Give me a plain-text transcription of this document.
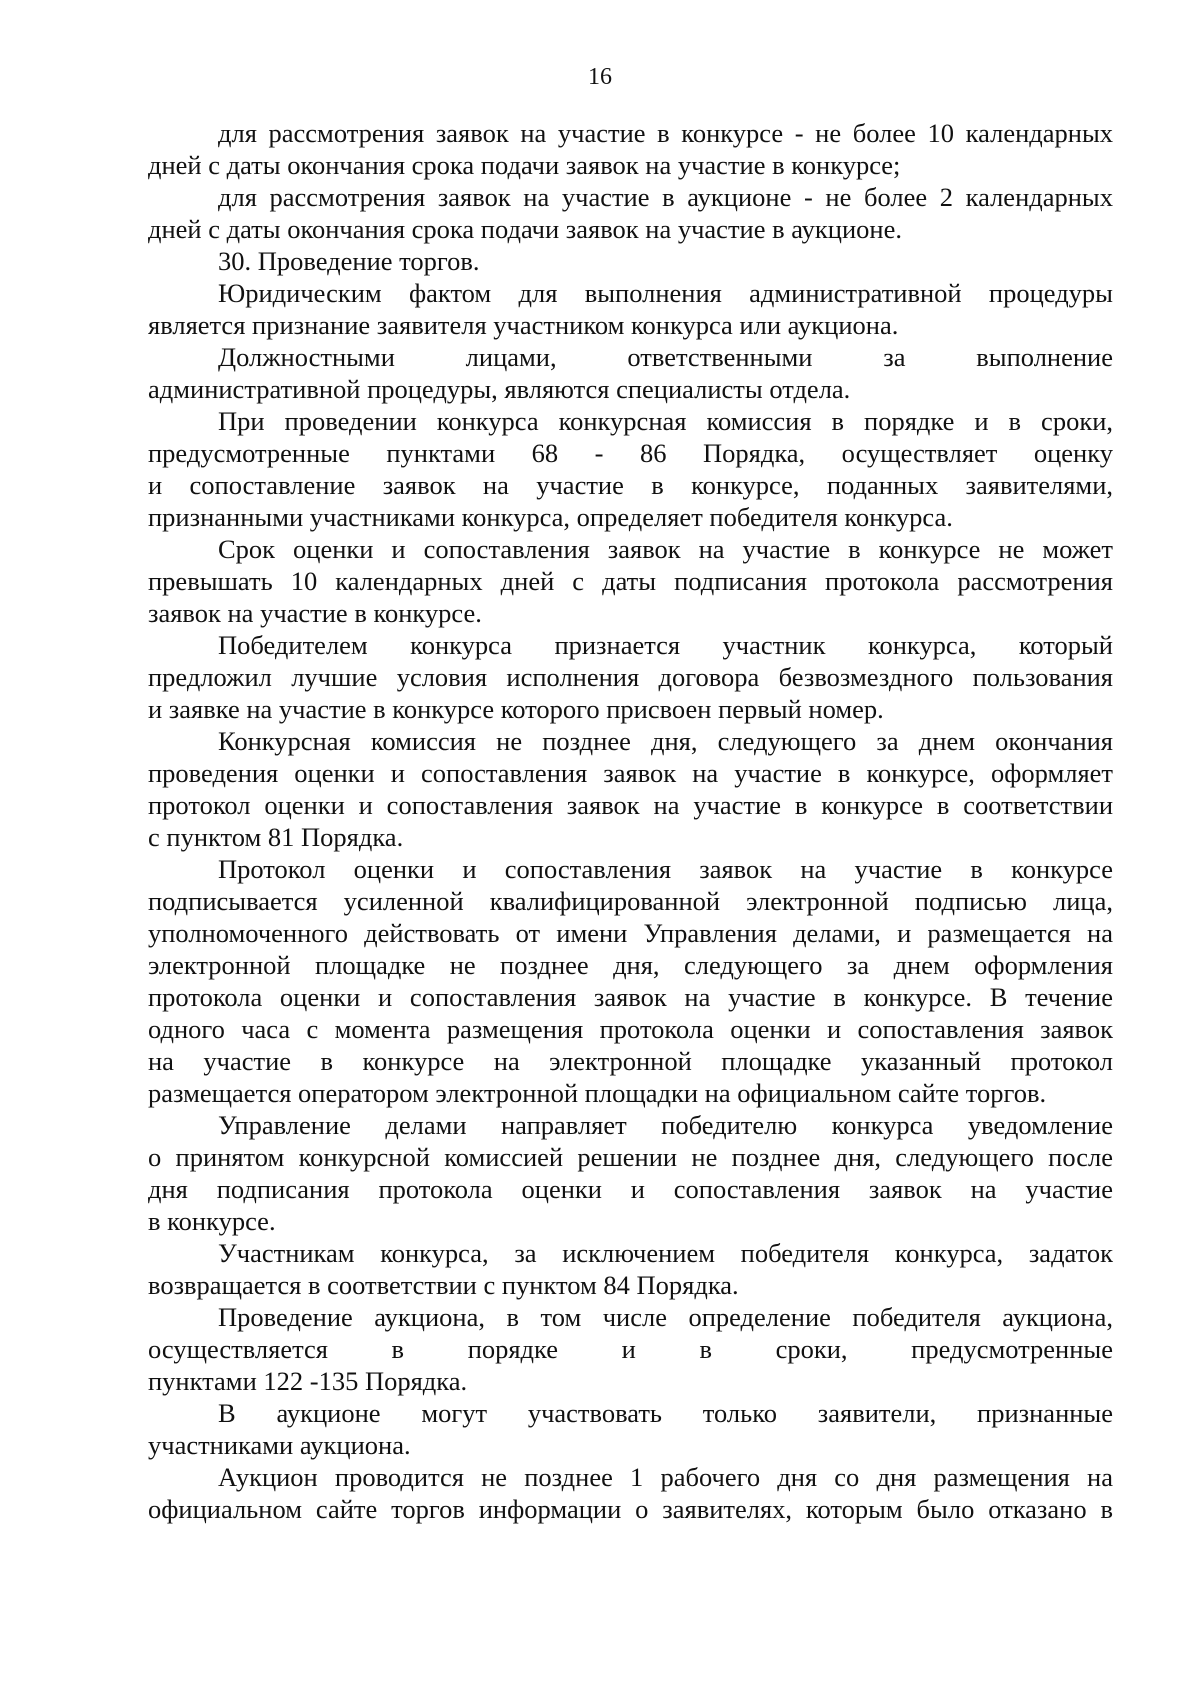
16
для рассмотрения заявок на участие в конкурсе - не более 10 календарных
дней с даты окончания срока подачи заявок на участие в конкурсе;
для рассмотрения заявок на участие в аукционе - не более 2 календарных
дней с даты окончания срока подачи заявок на участие в аукционе.
30. Проведение торгов.
Юридическим фактом для выполнения административной процедуры
является признание заявителя участником конкурса или аукциона.
Должностными лицами, ответственными за выполнение
административной процедуры, являются специалисты отдела.
При проведении конкурса конкурсная комиссия в порядке и в сроки,
предусмотренные пунктами 68 - 86 Порядка, осуществляет оценку
и сопоставление заявок на участие в конкурсе, поданных заявителями,
признанными участниками конкурса, определяет победителя конкурса.
Срок оценки и сопоставления заявок на участие в конкурсе не может
превышать 10 календарных дней с даты подписания протокола рассмотрения
заявок на участие в конкурсе.
Победителем конкурса признается участник конкурса, который
предложил лучшие условия исполнения договора безвозмездного пользования
и заявке на участие в конкурсе которого присвоен первый номер.
Конкурсная комиссия не позднее дня, следующего за днем окончания
проведения оценки и сопоставления заявок на участие в конкурсе, оформляет
протокол оценки и сопоставления заявок на участие в конкурсе в соответствии
с пунктом 81 Порядка.
Протокол оценки и сопоставления заявок на участие в конкурсе
подписывается усиленной квалифицированной электронной подписью лица,
уполномоченного действовать от имени Управления делами, и размещается на
электронной площадке не позднее дня, следующего за днем оформления
протокола оценки и сопоставления заявок на участие в конкурсе. В течение
одного часа с момента размещения протокола оценки и сопоставления заявок
на участие в конкурсе на электронной площадке указанный протокол
размещается оператором электронной площадки на официальном сайте торгов.
Управление делами направляет победителю конкурса уведомление
о принятом конкурсной комиссией решении не позднее дня, следующего после
дня подписания протокола оценки и сопоставления заявок на участие
в конкурсе.
Участникам конкурса, за исключением победителя конкурса, задаток
возвращается в соответствии с пунктом 84 Порядка.
Проведение аукциона, в том числе определение победителя аукциона,
осуществляется в порядке и в сроки, предусмотренные
пунктами 122 -135 Порядка.
В аукционе могут участвовать только заявители, признанные
участниками аукциона.
Аукцион проводится не позднее 1 рабочего дня со дня размещения на
официальном сайте торгов информации о заявителях, которым было отказано в
